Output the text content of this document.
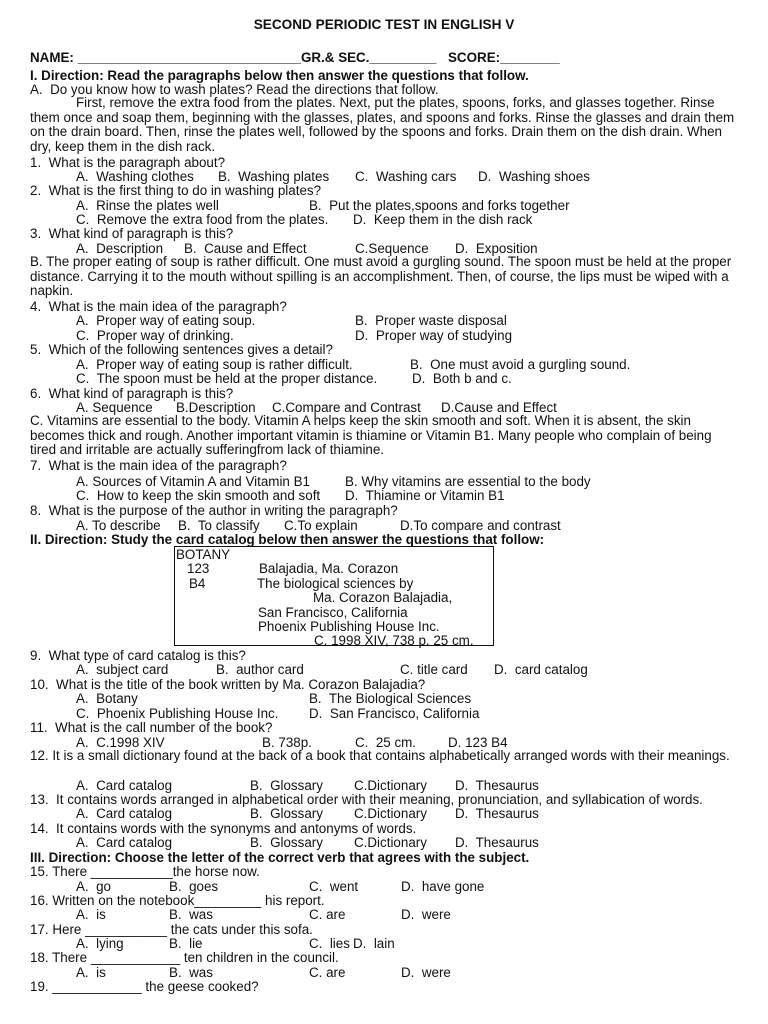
SECOND PERIODIC TEST IN ENGLISH V
NAME: ______________________________ GR.& SEC._________ SCORE:________
I. Direction: Read the paragraphs below then answer the questions that follow.
A.  Do you know how to wash plates? Read the directions that follow.
First, remove the extra food from the plates. Next, put the plates, spoons, forks, and glasses together. Rinse them once and soap them, beginning with the glasses, plates, and spoons and forks. Rinse the glasses and drain them on the drain board. Then, rinse the plates well, followed by the spoons and forks. Drain them on the dish drain. When dry, keep them in the dish rack.
1.  What is the paragraph about?
A.  Washing clothes B.  Washing plates C.  Washing cars D.  Washing shoes
2.  What is the first thing to do in washing plates?
A.  Rinse the plates well	B.  Put the plates,spoons and forks together
C.  Remove the extra food from the plates. D.  Keep them in the dish rack
3.  What kind of paragraph is this?
A.  Description B.  Cause and Effect	C.Sequence D.  Exposition
B. The proper eating of soup is rather difficult. One must avoid a gurgling sound. The spoon must be held at the proper distance. Carrying it to the mouth without spilling is an accomplishment. Then, of course, the lips must be wiped with a napkin.
4.  What is the main idea of the paragraph?
A.  Proper way of eating soup.	B.  Proper waste disposal
C.  Proper way of drinking.	D.  Proper way of studying
5.  Which of the following sentences gives a detail?
A.  Proper way of eating soup is rather difficult.	B.  One must avoid a gurgling sound.
C.  The spoon must be held at the proper distance.	D.  Both b and c.
6.  What kind of paragraph is this?
A. Sequence B.Description C.Compare and Contrast D.Cause and Effect
C. Vitamins are essential to the body. Vitamin A helps keep the skin smooth and soft. When it is absent, the skin becomes thick and rough. Another important vitamin is thiamine or Vitamin B1. Many people who complain of being tired and irritable are actually sufferingfrom lack of thiamine.
7.  What is the main idea of the paragraph?
A. Sources of Vitamin A and Vitamin B1	B. Why vitamins are essential to the body
C.  How to keep the skin smooth and soft D.  Thiamine or Vitamin B1
8.  What is the purpose of the author in writing the paragraph?
A. To describe B.  To classify C.To explain	D.To compare and contrast
II. Direction: Study the card catalog below then answer the questions that follow:
BOTANY
123	Balajadia, Ma. Corazon
B4	The biological sciences by
Ma. Corazon Balajadia,
San Francisco, California
Phoenix Publishing House Inc.
C. 1998 XIV, 738 p. 25 cm.
9.  What type of card catalog is this?
A.  subject card	B.  author card	C. title card D.  card catalog
10.  What is the title of the book written by Ma. Corazon Balajadia?
A.  Botany	B.  The Biological Sciences
C.  Phoenix Publishing House Inc. D.  San Francisco, California
11.  What is the call number of the book?
A.  C.1998 XIV	B. 738p.	C.  25 cm. D. 123 B4
12. It is a small dictionary found at the back of a book that contains alphabetically arranged words with their meanings.
A.  Card catalog	B.  Glossary C.Dictionary D.  Thesaurus
13.  It contains words arranged in alphabetical order with their meaning, pronunciation, and syllabication of words.
A.  Card catalog	B.  Glossary C.Dictionary D.  Thesaurus
14.  It contains words with the synonyms and antonyms of words.
A.  Card catalog	B.  Glossary C.Dictionary D.  Thesaurus
III. Direction: Choose the letter of the correct verb that agrees with the subject.
15. There ___________the horse now.
A.  go	B.  goes	C.  went	D.  have gone
16. Written on the notebook_________ his report.
A.  is	B.  was	C. are	D.  were
17. Here ___________ the cats under this sofa.
A.  lying	B.  lie	C.  lies D.  lain
18. There ____________ ten children in the council.
A.  is	B.  was	C. are	D.  were
19. ____________ the geese cooked?
